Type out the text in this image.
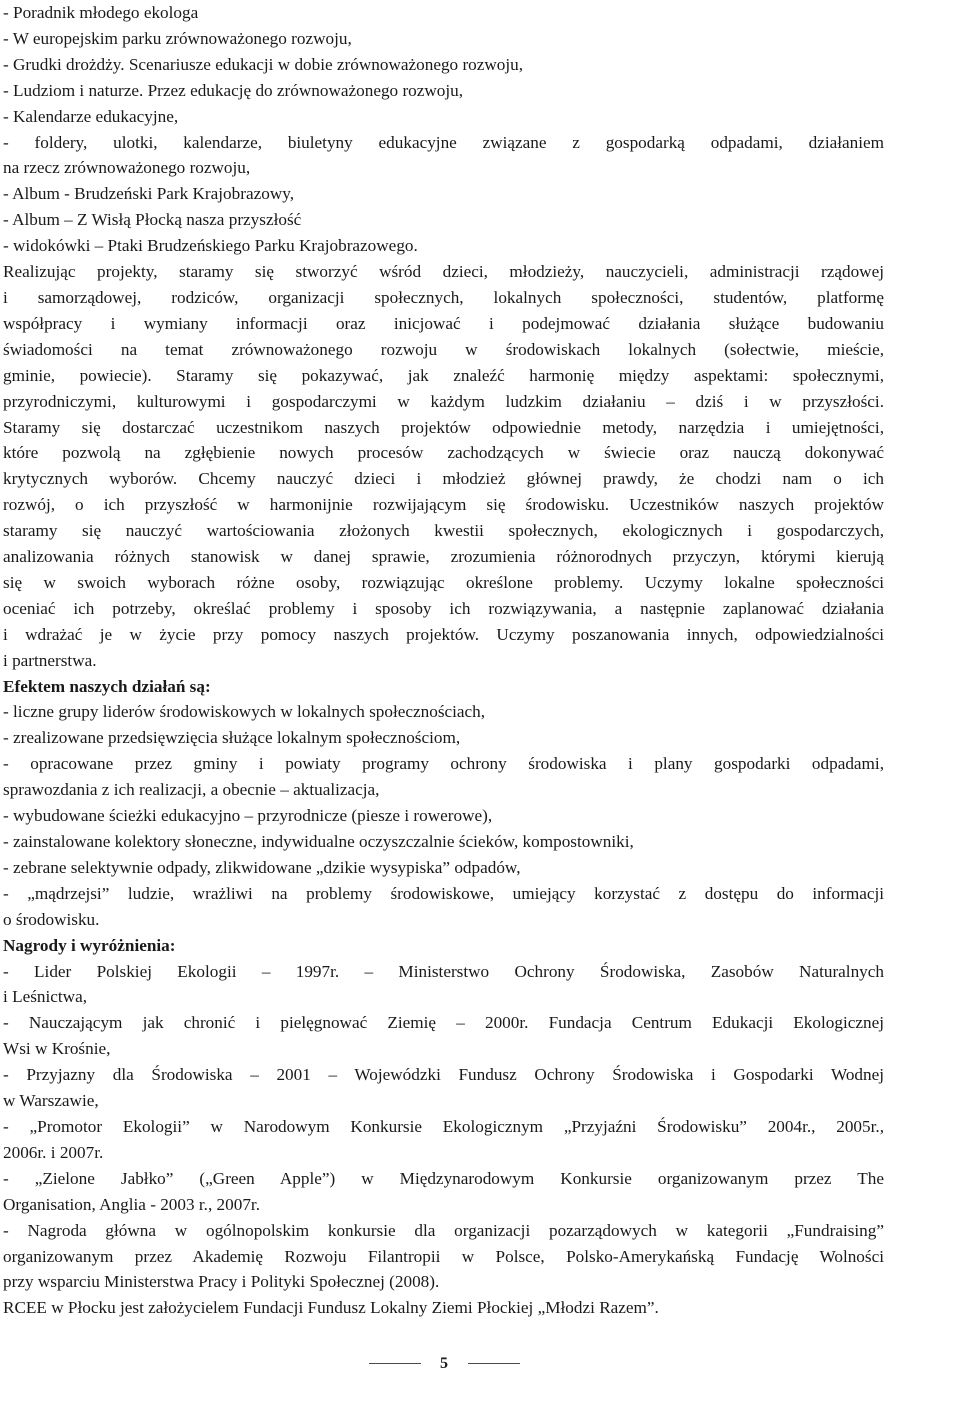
- Poradnik młodego ekologa
- W europejskim parku zrównoważonego rozwoju,
- Grudki drożdży. Scenariusze edukacji w dobie zrównoważonego rozwoju,
- Ludziom i naturze. Przez edukację do zrównoważonego rozwoju,
- Kalendarze edukacyjne,
- foldery, ulotki, kalendarze, biuletyny edukacyjne związane z gospodarką odpadami, działaniem
na rzecz zrównoważonego rozwoju,
- Album - Brudzeński Park Krajobrazowy,
- Album – Z Wisłą Płocką nasza przyszłość
- widokówki – Ptaki Brudzeńskiego Parku Krajobrazowego.
Realizując projekty, staramy się stworzyć wśród dzieci, młodzieży, nauczycieli, administracji rządowej
i samorządowej, rodziców, organizacji społecznych, lokalnych społeczności, studentów, platformę
współpracy i wymiany informacji oraz inicjować i podejmować działania służące budowaniu
świadomości na temat zrównoważonego rozwoju w środowiskach lokalnych (sołectwie, mieście,
gminie, powiecie). Staramy się pokazywać, jak znaleźć harmonię między aspektami: społecznymi,
przyrodniczymi, kulturowymi i gospodarczymi w każdym ludzkim działaniu – dziś i w przyszłości.
Staramy się dostarczać uczestnikom naszych projektów odpowiednie metody, narzędzia i umiejętności,
które pozwolą na zgłębienie nowych procesów zachodzących w świecie oraz nauczą dokonywać
krytycznych wyborów. Chcemy nauczyć dzieci i młodzież głównej prawdy, że chodzi nam o ich
rozwój, o ich przyszłość w harmonijnie rozwijającym się środowisku. Uczestników naszych projektów
staramy się nauczyć wartościowania złożonych kwestii społecznych, ekologicznych i gospodarczych,
analizowania różnych stanowisk w danej sprawie, zrozumienia różnorodnych przyczyn, którymi kierują
się w swoich wyborach różne osoby, rozwiązując określone problemy. Uczymy lokalne społeczności
oceniać ich potrzeby, określać problemy i sposoby ich rozwiązywania, a następnie zaplanować działania
i wdrażać je w życie przy pomocy naszych projektów. Uczymy poszanowania innych, odpowiedzialności
i partnerstwa.
Efektem naszych działań są:
- liczne grupy liderów środowiskowych w lokalnych społecznościach,
- zrealizowane przedsięwzięcia służące lokalnym społecznościom,
- opracowane przez gminy i powiaty programy ochrony środowiska i plany gospodarki odpadami,
sprawozdania z ich realizacji, a obecnie – aktualizacja,
- wybudowane ścieżki edukacyjno – przyrodnicze (piesze i rowerowe),
- zainstalowane kolektory słoneczne, indywidualne oczyszczalnie ścieków, kompostowniki,
- zebrane selektywnie odpady, zlikwidowane „dzikie wysypiska” odpadów,
- „mądrzejsi” ludzie, wrażliwi na problemy środowiskowe, umiejący korzystać z dostępu do informacji
o środowisku.
Nagrody i wyróżnienia:
- Lider Polskiej Ekologii – 1997r. – Ministerstwo Ochrony Środowiska, Zasobów Naturalnych
i Leśnictwa,
- Nauczającym jak chronić i pielęgnować Ziemię – 2000r. Fundacja Centrum Edukacji Ekologicznej
Wsi w Krośnie,
- Przyjazny dla Środowiska – 2001 – Wojewódzki Fundusz Ochrony Środowiska i Gospodarki Wodnej
w Warszawie,
- „Promotor Ekologii” w Narodowym Konkursie Ekologicznym „Przyjaźni Środowisku” 2004r., 2005r.,
2006r. i 2007r.
- „Zielone Jabłko” („Green Apple”) w Międzynarodowym Konkursie organizowanym przez The
Organisation, Anglia - 2003 r., 2007r.
- Nagroda główna w ogólnopolskim konkursie dla organizacji pozarządowych w kategorii „Fundraising”
organizowanym przez Akademię Rozwoju Filantropii w Polsce, Polsko-Amerykańską Fundację Wolności
przy wsparciu Ministerstwa Pracy i Polityki Społecznej (2008).
RCEE w Płocku jest założycielem Fundacji Fundusz Lokalny Ziemi Płockiej „Młodzi Razem”.
5
